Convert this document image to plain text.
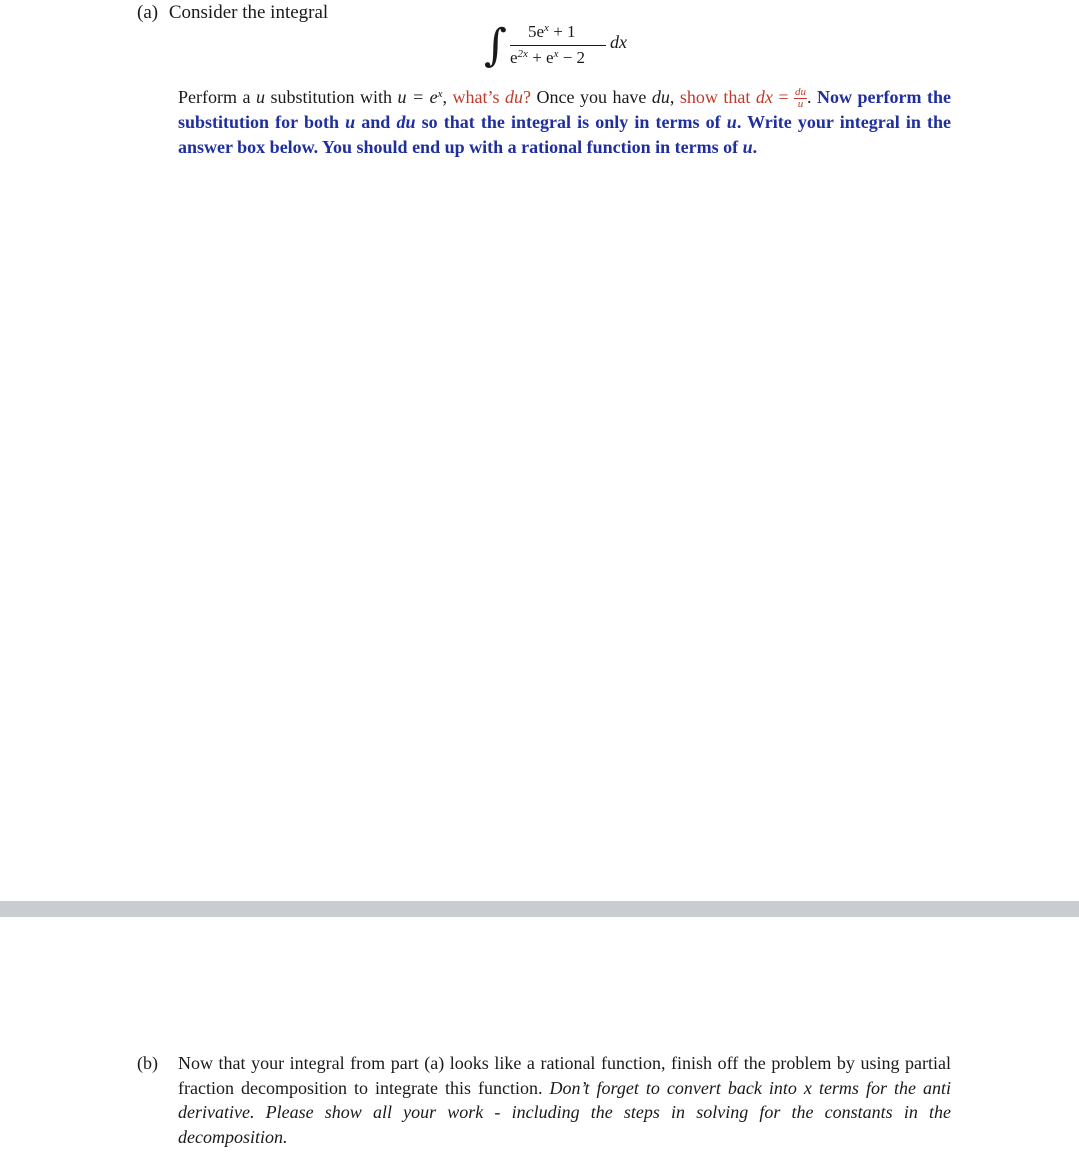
(a) Consider the integral
∫ $5e^x + 1$
$e^{2x} + e^x - 2$
dx
Perform a u substitution with $u = e^x$, what’s du? Once you have du, show that dx = $\frac{du}{u}$ . Now perform the substitution for both u and du so that the integral is only in terms of u. Write your integral in the answer box below. You should end up with a rational function in terms of u.
(b) Now that your integral from part (a) looks like a rational function, finish off the problem by using partial fraction decomposition to integrate this function. Don’t forget to convert back into x terms for the anti derivative. Please show all your work - including the steps in solving for the constants in the decomposition.
